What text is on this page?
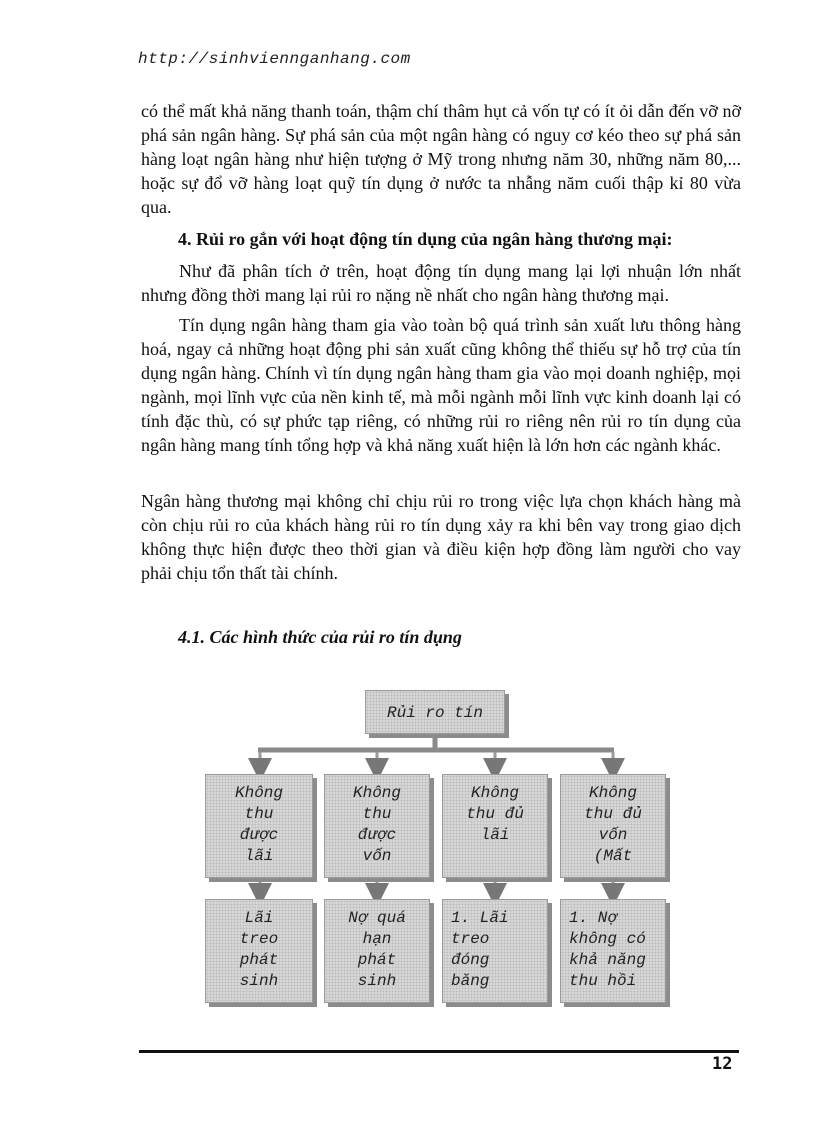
http://sinhviennganhang.com

có thể mất khả năng thanh toán, thậm chí thâm hụt cả vốn tự có ít ỏi dẫn đến vỡ nỡ phá sản ngân hàng. Sự phá sản của một ngân hàng có nguy cơ kéo theo sự phá sản hàng loạt ngân hàng như hiện tượng ở Mỹ trong nhưng năm 30, những năm 80,... hoặc sự đổ vỡ hàng loạt quỹ tín dụng ở nước ta nhẫng năm cuối thập kỉ 80 vừa qua.

4. Rủi ro gắn với hoạt động tín dụng của ngân hàng thương mại:

Như đã phân tích ở trên, hoạt động tín dụng mang lại lợi nhuận lớn nhất nhưng đồng thời mang lại rủi ro nặng nề nhất cho ngân hàng thương mại.

Tín dụng ngân hàng tham gia vào toàn bộ quá trình sản xuất lưu thông hàng hoá, ngay cả những hoạt động phi sản xuất cũng không thể thiếu sự hỗ trợ của tín dụng ngân hàng. Chính vì tín dụng ngân hàng tham gia vào mọi doanh nghiệp, mọi ngành, mọi lĩnh vực của nền kinh tế, mà mỗi ngành mỗi lĩnh vực kinh doanh lại có tính đặc thù, có sự phức tạp riêng, có những rủi ro riêng nên rủi ro tín dụng của ngân hàng mang tính tổng hợp và khả năng xuất hiện là lớn hơn các ngành khác.

Ngân hàng thương mại không chỉ chịu rủi ro trong việc lựa chọn khách hàng mà còn chịu rủi ro của khách hàng rủi ro tín dụng xảy ra khi bên vay trong giao dịch không thực hiện được theo thời gian và điều kiện hợp đồng làm người cho vay phải chịu tổn thất tài chính.

4.1. Các hình thức của rủi ro tín dụng
Rủi ro tín
Không
thu
được
lãi
Không
thu
được
vốn
Không
thu đủ
lãi
Không
thu đủ
vốn
(Mất
Lãi
treo
phát
sinh
Nợ quá
hạn
phát
sinh
1. Lãi
treo
đóng
băng
1. Nợ
không có
khả năng
thu hồi
12
